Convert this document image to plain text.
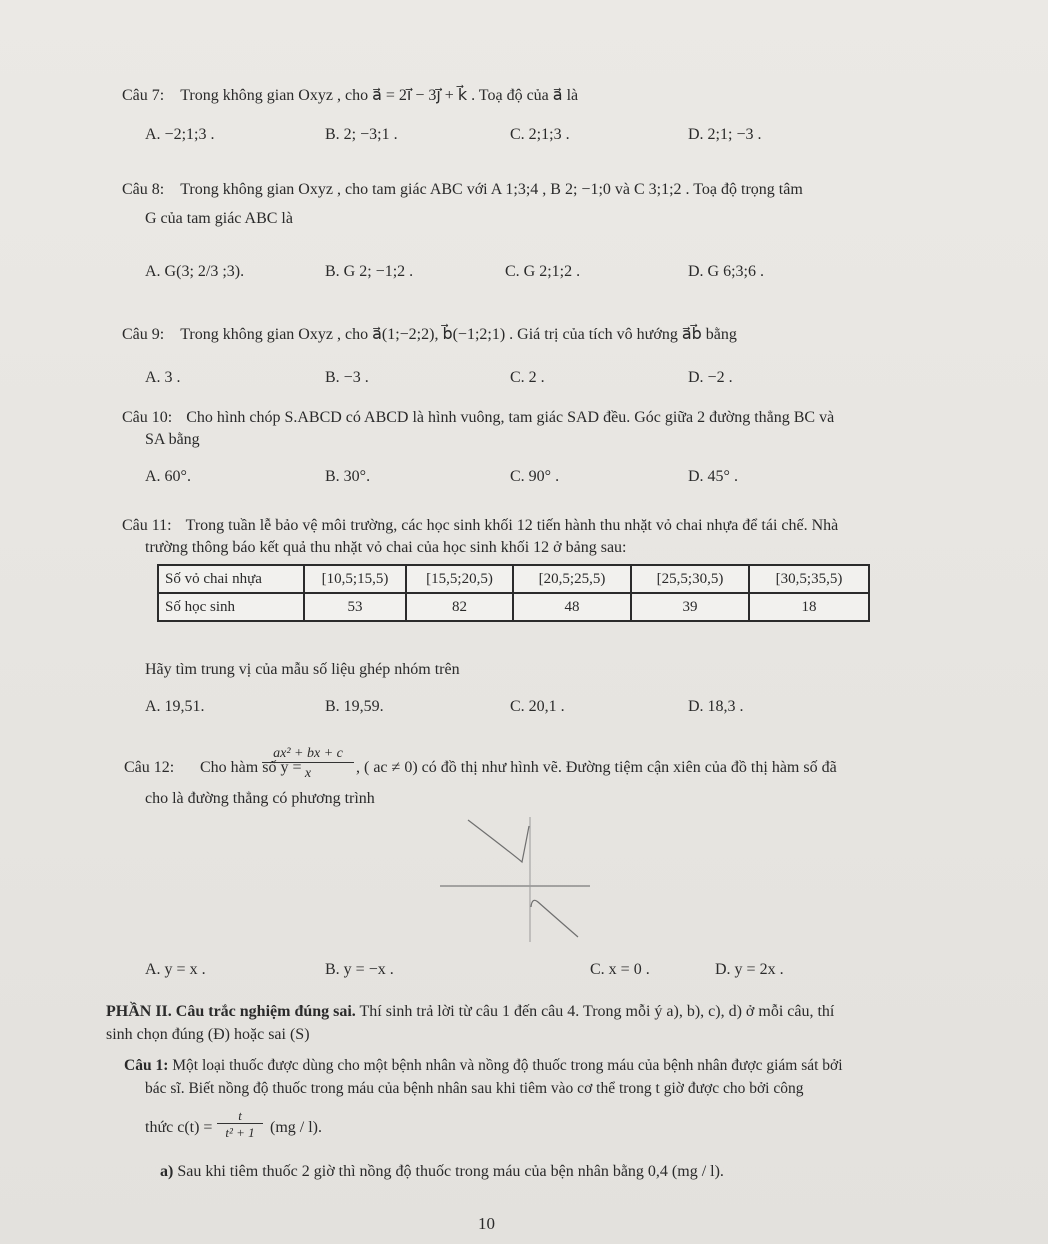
Câu 7: Trong không gian Oxyz , cho a⃗ = 2i⃗ − 3j⃗ + k⃗ . Toạ độ của a⃗ là
A. −2;1;3 .	B. 2; −3;1 .	C. 2;1;3 .	D. 2;1; −3 .
Câu 8: Trong không gian Oxyz , cho tam giác ABC với A 1;3;4 , B 2; −1;0 và C 3;1;2 . Toạ độ trọng tâm
G của tam giác ABC là
A. G(3; 2/3 ;3).	B. G 2; −1;2 .	C. G 2;1;2 .	D. G 6;3;6 .
Câu 9: Trong không gian Oxyz , cho a⃗(1;−2;2), b⃗(−1;2;1) . Giá trị của tích vô hướng a⃗b⃗ bằng
A. 3 .	B. −3 .	C. 2 .	D. −2 .
Câu 10: Cho hình chóp S.ABCD có ABCD là hình vuông, tam giác SAD đều. Góc giữa 2 đường thẳng BC và
SA bằng
A. 60°.	B. 30°.	C. 90° .	D. 45° .
Câu 11: Trong tuần lễ bảo vệ môi trường, các học sinh khối 12 tiến hành thu nhặt vỏ chai nhựa để tái chế. Nhà
trường thông báo kết quả thu nhặt vỏ chai của học sinh khối 12 ở bảng sau:
Số vỏ chai nhựa	[10,5;15,5)	[15,5;20,5)	[20,5;25,5)	[25,5;30,5)	[30,5;35,5)
Số học sinh	53	82	48	39	18
Hãy tìm trung vị của mẫu số liệu ghép nhóm trên
A. 19,51.	B. 19,59.	C. 20,1 .	D. 18,3 .
Câu 12: Cho hàm số y =
ax² + bx + c
x	, ( ac ≠ 0) có đồ thị như hình vẽ. Đường tiệm cận xiên của đồ thị hàm số đã
cho là đường thẳng có phương trình
A. y = x .	B. y = −x .	C. x = 0 .	D. y = 2x .
PHẦN II. Câu trắc nghiệm đúng sai. Thí sinh trả lời từ câu 1 đến câu 4. Trong mỗi ý a), b), c), d) ở mỗi câu, thí
sinh chọn đúng (Đ) hoặc sai (S)
Câu 1: Một loại thuốc được dùng cho một bệnh nhân và nồng độ thuốc trong máu của bệnh nhân được giám sát bởi
bác sĩ. Biết nồng độ thuốc trong máu của bệnh nhân sau khi tiêm vào cơ thể trong t giờ được cho bởi công
thức c(t) =
t
t² + 1 (mg / l).
a) Sau khi tiêm thuốc 2 giờ thì nồng độ thuốc trong máu của bện nhân bằng 0,4 (mg / l).
10
